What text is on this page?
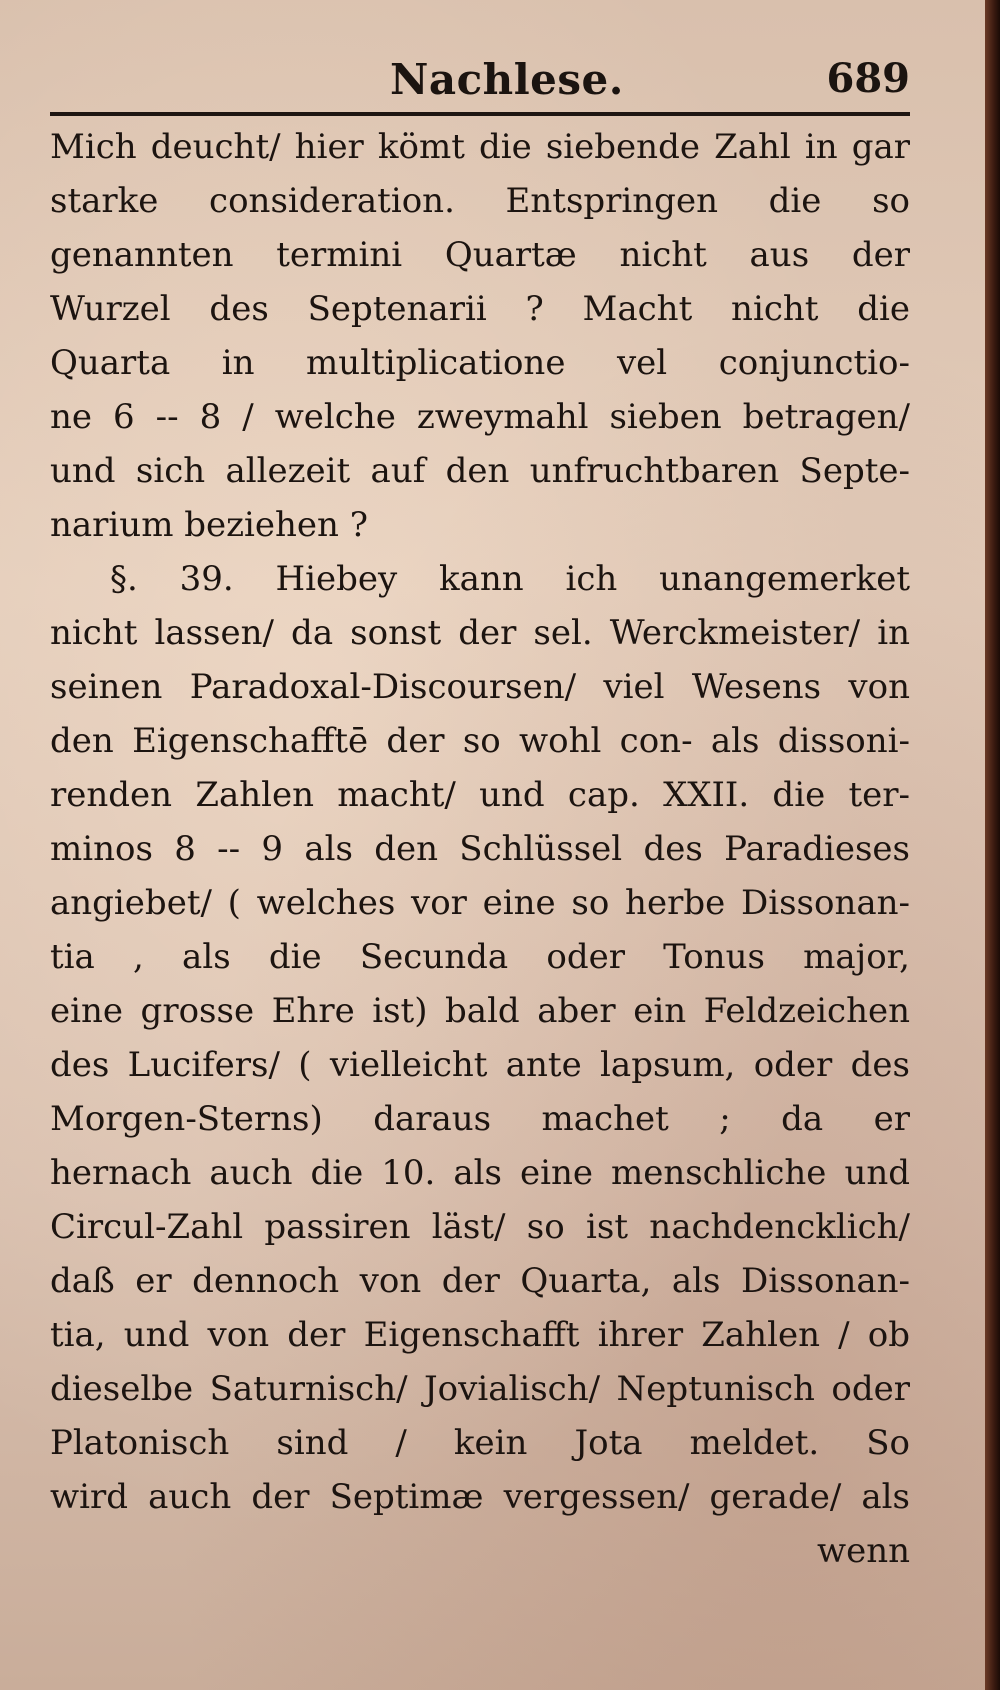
Nachlese.	689
Mich deucht/ hier kömt die siebende Zahl in gar
starke consideration. Entspringen die so
genannten termini Quartæ nicht aus der
Wurzel des Septenarii ? Macht nicht die
Quarta in multiplicatione vel conjunctio-
ne 6 -- 8 / welche zweymahl sieben betragen/
und sich allezeit auf den unfruchtbaren Septe-
narium beziehen ?
§. 39. Hiebey kann ich unangemerket
nicht lassen/ da sonst der sel. Werckmeister/ in
seinen Paradoxal-Discoursen/ viel Wesens von
den Eigenschafftē der so wohl con- als dissoni-
renden Zahlen macht/ und cap. XXII. die ter-
minos 8 -- 9 als den Schlüssel des Paradieses
angiebet/ ( welches vor eine so herbe Dissonan-
tia , als die Secunda oder Tonus major,
eine grosse Ehre ist) bald aber ein Feldzeichen
des Lucifers/ ( vielleicht ante lapsum, oder des
Morgen-Sterns) daraus machet ; da er
hernach auch die 10. als eine menschliche und
Circul-Zahl passiren läst/ so ist nachdencklich/
daß er dennoch von der Quarta, als Dissonan-
tia, und von der Eigenschafft ihrer Zahlen / ob
dieselbe Saturnisch/ Jovialisch/ Neptunisch oder
Platonisch sind / kein Jota meldet. So
wird auch der Septimæ vergessen/ gerade/ als
wenn
